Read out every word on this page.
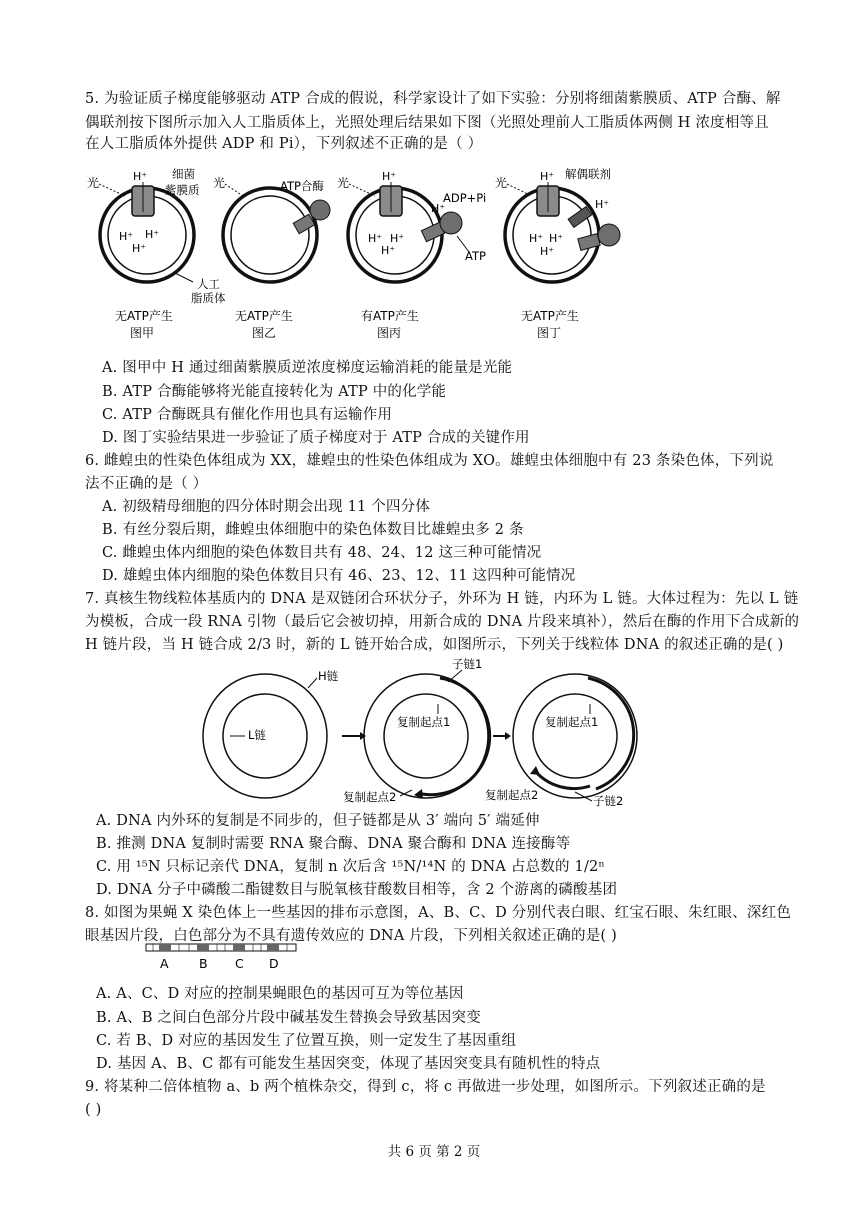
5. 为验证质子梯度能够驱动 ATP 合成的假说，科学家设计了如下实验：分别将细菌紫膜质、ATP 合酶、解
偶联剂按下图所示加入人工脂质体上，光照处理后结果如下图（光照处理前人工脂质体两侧 H 浓度相等且
在人工脂质体外提供 ADP 和 Pi），下列叙述不正确的是（ ）
光	H⁺ 细菌
紫膜质
H⁺ H⁺
H⁺
人工
脂质体
无ATP产生
图甲
光	ATP合酶
无ATP产生
图乙
光	H⁺
H⁺ H⁺
H⁺
ADP+Pi
H⁺
ATP
有ATP产生
图丙
光	H⁺ 解偶联剂
H⁺
H⁺ H⁺
H⁺
无ATP产生
图丁
A. 图甲中 H 通过细菌紫膜质逆浓度梯度运输消耗的能量是光能
B. ATP 合酶能够将光能直接转化为 ATP 中的化学能
C. ATP 合酶既具有催化作用也具有运输作用
D. 图丁实验结果进一步验证了质子梯度对于 ATP 合成的关键作用
6. 雌蝗虫的性染色体组成为 XX，雄蝗虫的性染色体组成为 XO。雄蝗虫体细胞中有 23 条染色体，下列说
法不正确的是（ ）
A. 初级精母细胞的四分体时期会出现 11 个四分体
B. 有丝分裂后期，雌蝗虫体细胞中的染色体数目比雄蝗虫多 2 条
C. 雌蝗虫体内细胞的染色体数目共有 48、24、12 这三种可能情况
D. 雄蝗虫体内细胞的染色体数目只有 46、23、12、11 这四种可能情况
7. 真核生物线粒体基质内的 DNA 是双链闭合环状分子，外环为 H 链，内环为 L 链。大体过程为：先以 L 链
为模板，合成一段 RNA 引物（最后它会被切掉，用新合成的 DNA 片段来填补），然后在酶的作用下合成新的
H 链片段，当 H 链合成 2/3 时，新的 L 链开始合成，如图所示，下列关于线粒体 DNA 的叙述正确的是( )
H链
L链
子链1
复制起点1
复制起点2
复制起点1
复制起点2	子链2
A. DNA 内外环的复制是不同步的，但子链都是从 3′ 端向 5′ 端延伸
B. 推测 DNA 复制时需要 RNA 聚合酶、DNA 聚合酶和 DNA 连接酶等
C. 用 ¹⁵N 只标记亲代 DNA，复制 n 次后含 ¹⁵N/¹⁴N 的 DNA 占总数的 1/2ⁿ
D. DNA 分子中磷酸二酯键数目与脱氧核苷酸数目相等，含 2 个游离的磷酸基团
8. 如图为果蝇 X 染色体上一些基因的排布示意图，A、B、C、D 分别代表白眼、红宝石眼、朱红眼、深红色
眼基因片段，白色部分为不具有遗传效应的 DNA 片段，下列相关叙述正确的是( )
A B C D
A. A、C、D 对应的控制果蝇眼色的基因可互为等位基因
B. A、B 之间白色部分片段中碱基发生替换会导致基因突变
C. 若 B、D 对应的基因发生了位置互换，则一定发生了基因重组
D. 基因 A、B、C 都有可能发生基因突变，体现了基因突变具有随机性的特点
9. 将某种二倍体植物 a、b 两个植株杂交，得到 c，将 c 再做进一步处理，如图所示。下列叙述正确的是
( )
共 6 页 第 2 页
